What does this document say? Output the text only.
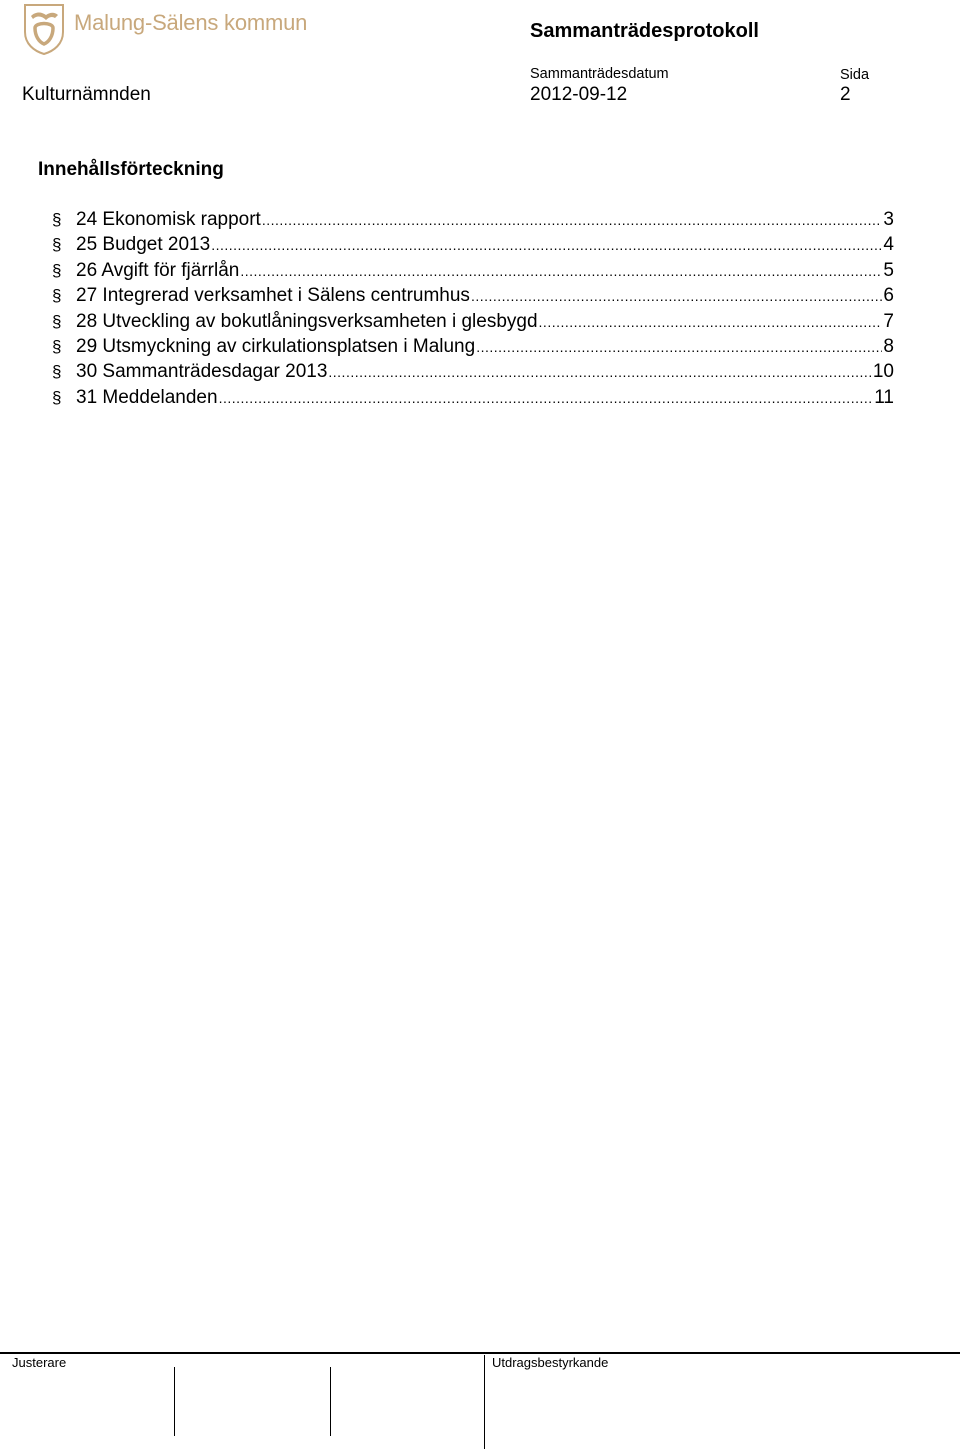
Malung-Sälens kommun	Sammanträdesprotokoll
Kulturnämnden
Sammanträdesdatum
2012-09-12
Sida
2
Innehållsförteckning
§ 24 Ekonomisk rapport .....	3
§ 25 Budget 2013 .....	4
§ 26 Avgift för fjärrlån .....	5
§ 27 Integrerad verksamhet i Sälens centrumhus .....	6
§ 28 Utveckling av bokutlåningsverksamheten i glesbygd .....	7
§ 29 Utsmyckning av cirkulationsplatsen i Malung .....	8
§ 30 Sammanträdesdagar 2013 .....	10
§ 31 Meddelanden .....	11
Justerare	Utdragsbestyrkande
